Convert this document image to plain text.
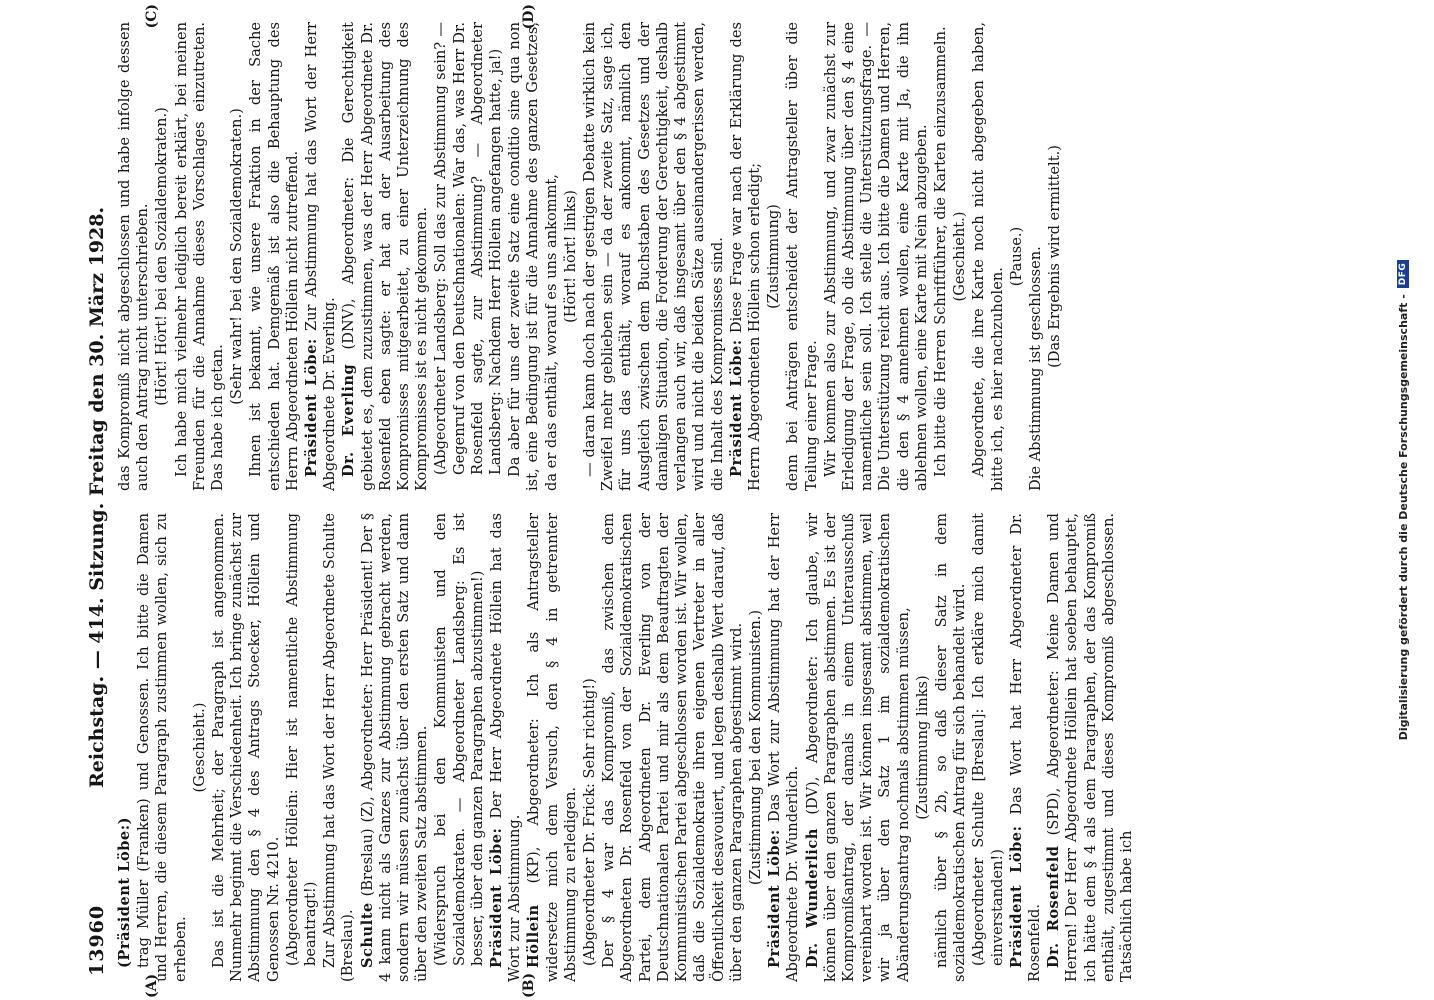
13960
Reichstag. — 414. Sitzung. Freitag den 30. März 1928.
(A)	(B)

(Präsident Löbe:) trag Müller (Franken) und Genossen. Ich bitte die Damen und Herren, die diesem Paragraph zustimmen wollen, sich zu erheben.

(Geschieht.) Das ist die Mehrheit; der Paragraph ist angenommen. Nunmehr beginnt die Verschiedenheit. Ich bringe zunächst zur Abstimmung den § 4 des Antrags Stoecker, Höllein und Genossen Nr. 4210. (Abgeordneter Höllein: Hier ist namentliche Abstimmung beantragt!) Zur Abstimmung hat das Wort der Herr Abgeordnete Schulte (Breslau). Schulte (Breslau) (Z), Abgeordneter: Herr Präsident! Der § 4 kann nicht als Ganzes zur Abstimmung gebracht werden, sondern wir müssen zunächst über den ersten Satz und dann über den zweiten Satz abstimmen. (Widerspruch bei den Kommunisten und den Sozialdemokraten. — Abgeordneter Landsberg: Es ist besser, über den ganzen Paragraphen abzustimmen!) Präsident Löbe: Der Herr Abgeordnete Höllein hat das Wort zur Abstimmung. Höllein (KP), Abgeordneter: Ich als Antragsteller widersetze mich dem Versuch, den § 4 in getrennter Abstimmung zu erledigen. (Abgeordneter Dr. Frick: Sehr richtig!) Der § 4 war das Kompromiß, das zwischen dem Abgeordneten Dr. Rosenfeld von der Sozialdemokratischen Partei, dem Abgeordneten Dr. Everling von der Deutschnationalen Partei und mir als dem Beauftragten der Kommunistischen Partei abgeschlossen worden ist. Wir wollen, daß die Sozialdemokratie ihren eigenen Vertreter in aller Öffentlichkeit desavouiert, und legen deshalb Wert darauf, daß über den ganzen Paragraphen abgestimmt wird. (Zustimmung bei den Kommunisten.)

Präsident Löbe: Das Wort zur Abstimmung hat der Herr Abgeordnete Dr. Wunderlich. Dr. Wunderlich (DV), Abgeordneter: Ich glaube, wir können über den ganzen Paragraphen abstimmen. Es ist der Kompromißantrag, der damals in einem Unterausschuß vereinbart worden ist. Wir können insgesamt abstimmen, weil wir ja über den Satz 1 im sozialdemokratischen Abänderungsantrag nochmals abstimmen müssen, (Zustimmung links) nämlich über § 2b, so daß dieser Satz in dem sozialdemokratischen Antrag für sich behandelt wird. (Abgeordneter Schulte [Breslau]: Ich erkläre mich damit einverstanden!) Präsident Löbe: Das Wort hat Herr Abgeordneter Dr. Rosenfeld. Dr. Rosenfeld (SPD), Abgeordneter: Meine Damen und Herren! Der Herr Abgeordnete Höllein hat soeben behauptet, ich hätte dem § 4 als dem Paragraphen, der das Kompromiß enthält, zugestimmt und dieses Kompromiß abgeschlossen. Tatsächlich habe ich

das Kompromiß nicht abgeschlossen und habe infolge dessen auch den Antrag nicht unterschrieben. (Hört! Hört! bei den Sozialdemokraten.) Ich habe mich vielmehr lediglich bereit erklärt, bei meinen Freunden für die Annahme dieses Vorschlages einzutreten. Das habe ich getan.

(Sehr wahr! bei den Sozialdemokraten.) Ihnen ist bekannt, wie unsere Fraktion in der Sache entschieden hat. Demgemäß ist also die Behauptung des Herrn Abgeordneten Höllein nicht zutreffend. Präsident Löbe: Zur Abstimmung hat das Wort der Herr Abgeordnete Dr. Everling. Dr. Everling (DNV), Abgeordneter: Die Gerechtigkeit gebietet es, dem zuzustimmen, was der Herr Abgeordnete Dr. Rosenfeld eben sagte: er hat an der Ausarbeitung des Kompromisses mitgearbeitet, zu einer Unterzeichnung des Kompromisses ist es nicht gekommen. (Abgeordneter Landsberg: Soll das zur Abstimmung sein? — Gegenruf von den Deutschnationalen: War das, was Herr Dr. Rosenfeld sagte, zur Abstimmung? — Abgeordneter Landsberg: Nachdem Herr Höllein angefangen hatte, ja!) Da aber für uns der zweite Satz eine conditio sine qua non ist, eine Bedingung ist für die Annahme des ganzen Gesetzes, da er das enthält, worauf es uns ankommt, (Hört! hört! links) — daran kann doch nach der gestrigen Debatte wirklich kein Zweifel mehr geblieben sein — da der zweite Satz, sage ich, für uns das enthält, worauf es ankommt, nämlich den Ausgleich zwischen dem Buchstaben des Gesetzes und der damaligen Situation, die Forderung der Gerechtigkeit, deshalb verlangen auch wir, daß insgesamt über den § 4 abgestimmt wird und nicht die beiden Sätze auseinandergerissen werden, die Inhalt des Kompromisses sind. Präsident Löbe: Diese Frage war nach der Erklärung des Herrn Abgeordneten Höllein schon erledigt; (Zustimmung) denn bei Anträgen entscheidet der Antragsteller über die Teilung einer Frage. Wir kommen also zur Abstimmung, und zwar zunächst zur Erledigung der Frage, ob die Abstimmung über den § 4 eine namentliche sein soll. Ich stelle die Unterstützungsfrage. — Die Unterstützung reicht aus. Ich bitte die Damen und Herren, die den § 4 annehmen wollen, eine Karte mit Ja, die ihn ablehnen wollen, eine Karte mit Nein abzugeben. Ich bitte die Herren Schriftführer, die Karten einzusammeln. (Geschieht.) Abgeordnete, die ihre Karte noch nicht abgegeben haben, bitte ich, es hier nachzuholen.

(Pause.) Die Abstimmung ist geschlossen. (Das Ergebnis wird ermittelt.)

(C)	(D)
Digitalisierung gefördert durch die Deutsche Forschungsgemeinschaft -
DFG
